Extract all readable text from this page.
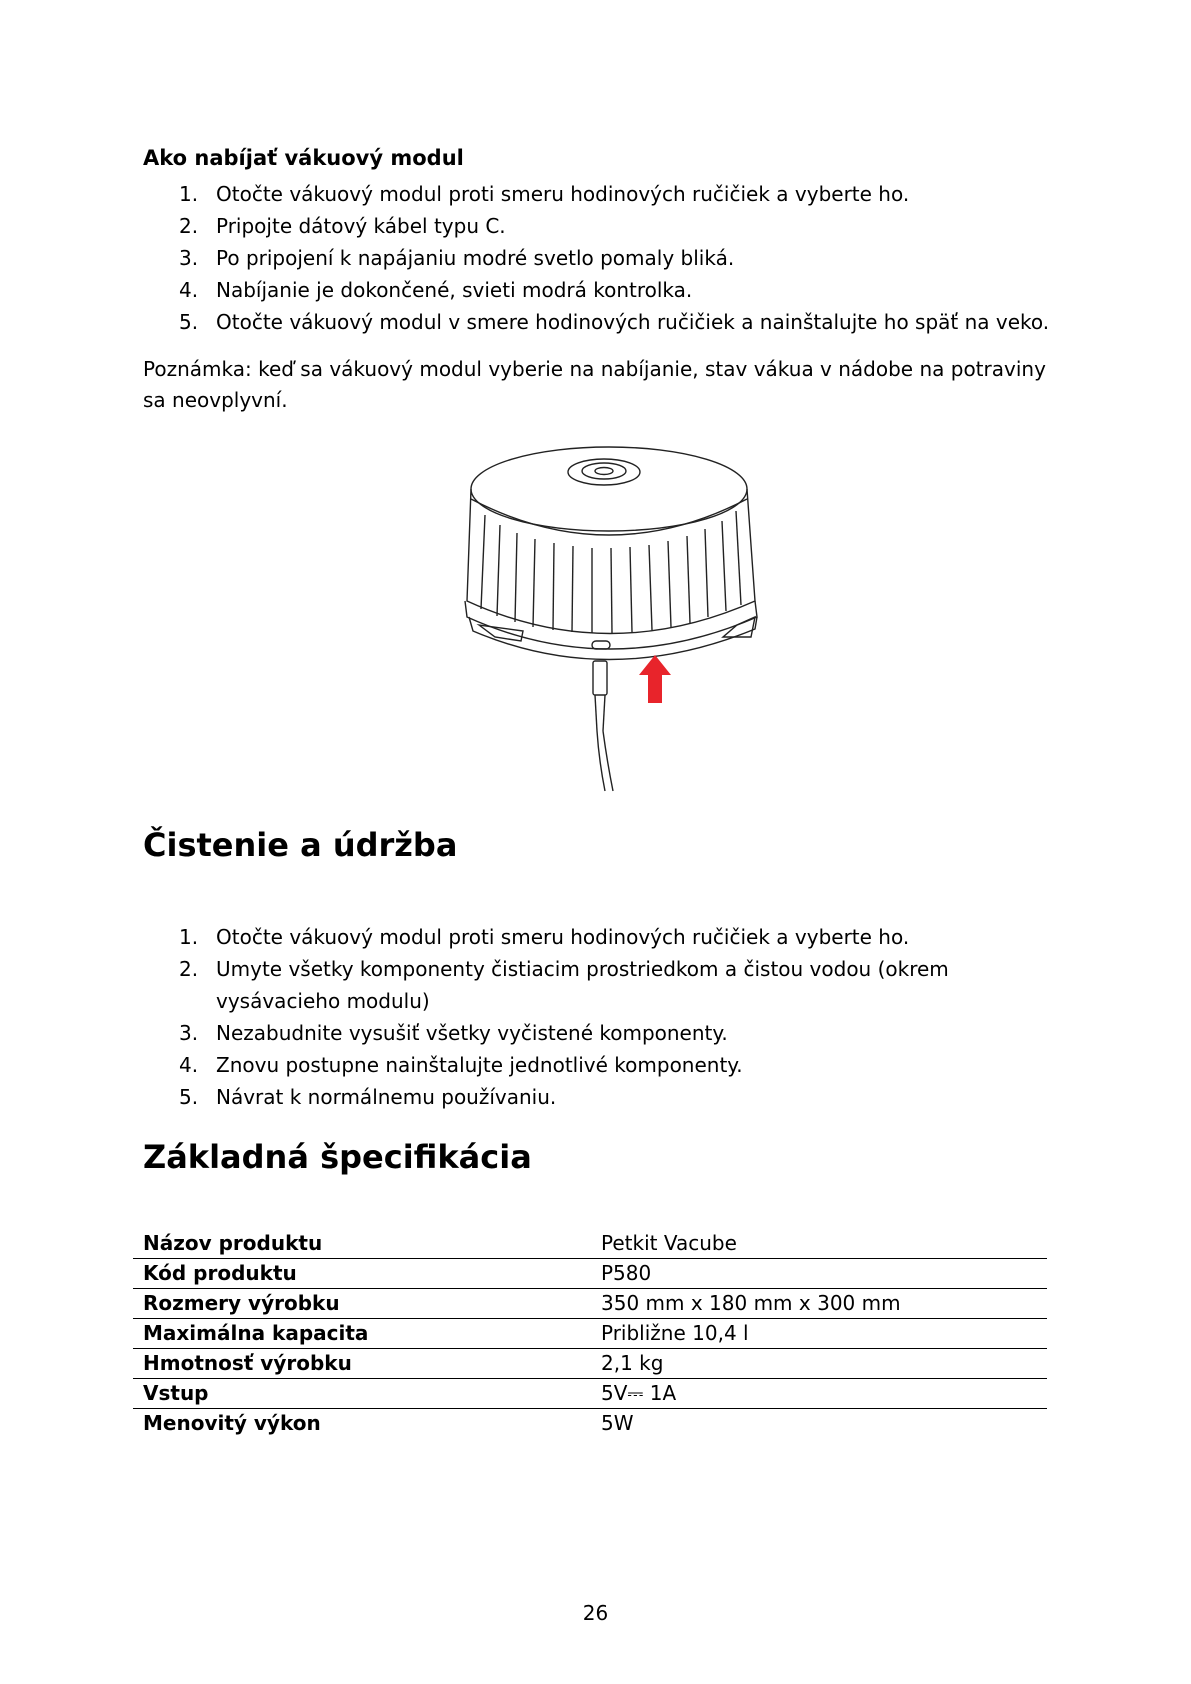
Ako nabíjať vákuový modul
1. Otočte vákuový modul proti smeru hodinových ručičiek a vyberte ho.
2. Pripojte dátový kábel typu C.
3. Po pripojení k napájaniu modré svetlo pomaly bliká.
4. Nabíjanie je dokončené, svieti modrá kontrolka.
5. Otočte vákuový modul v smere hodinových ručičiek a nainštalujte ho späť na veko.

Poznámka: keď sa vákuový modul vyberie na nabíjanie, stav vákua v nádobe na potraviny sa neovplyvní.

Čistenie a údržba
1. Otočte vákuový modul proti smeru hodinových ručičiek a vyberte ho.
2. Umyte všetky komponenty čistiacim prostriedkom a čistou vodou (okrem vysávacieho modulu)
3. Nezabudnite vysušiť všetky vyčistené komponenty.
4. Znovu postupne nainštalujte jednotlivé komponenty.
5. Návrat k normálnemu používaniu.
Základná špecifikácia
Názov produktu	Petkit Vacube
Kód produktu	P580
Rozmery výrobku	350 mm x 180 mm x 300 mm
Maximálna kapacita	Približne 10,4 l
Hmotnosť výrobku	2,1 kg
Vstup	5V⎓ 1A
Menovitý výkon	5W

26
